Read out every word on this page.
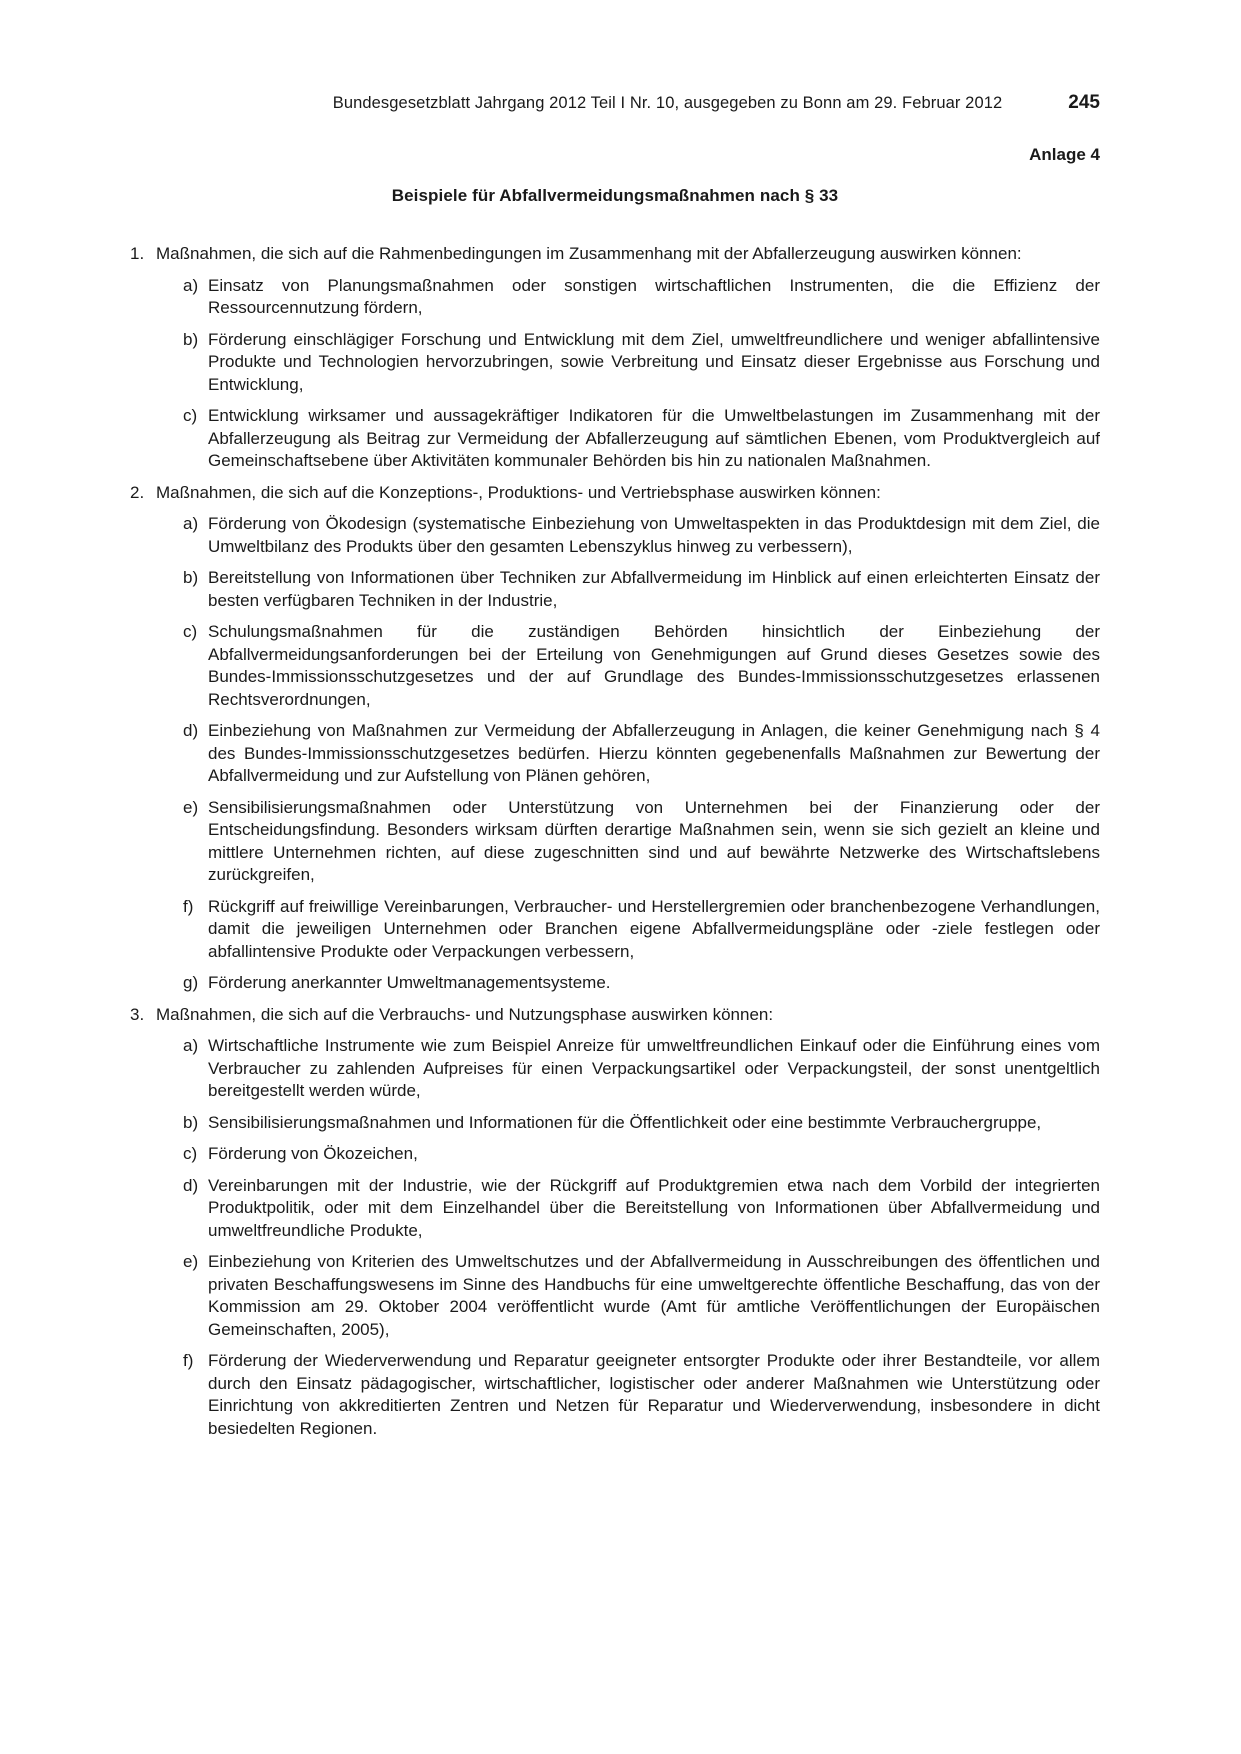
Bundesgesetzblatt Jahrgang 2012 Teil I Nr. 10, ausgegeben zu Bonn am 29. Februar 2012	245
Anlage 4
Beispiele für Abfallvermeidungsmaßnahmen nach § 33
1. Maßnahmen, die sich auf die Rahmenbedingungen im Zusammenhang mit der Abfallerzeugung auswirken können:
a) Einsatz von Planungsmaßnahmen oder sonstigen wirtschaftlichen Instrumenten, die die Effizienz der Ressourcennutzung fördern,
b) Förderung einschlägiger Forschung und Entwicklung mit dem Ziel, umweltfreundlichere und weniger abfallintensive Produkte und Technologien hervorzubringen, sowie Verbreitung und Einsatz dieser Ergebnisse aus Forschung und Entwicklung,
c) Entwicklung wirksamer und aussagekräftiger Indikatoren für die Umweltbelastungen im Zusammenhang mit der Abfallerzeugung als Beitrag zur Vermeidung der Abfallerzeugung auf sämtlichen Ebenen, vom Produktvergleich auf Gemeinschaftsebene über Aktivitäten kommunaler Behörden bis hin zu nationalen Maßnahmen.
2. Maßnahmen, die sich auf die Konzeptions-, Produktions- und Vertriebsphase auswirken können:
a) Förderung von Ökodesign (systematische Einbeziehung von Umweltaspekten in das Produktdesign mit dem Ziel, die Umweltbilanz des Produkts über den gesamten Lebenszyklus hinweg zu verbessern),
b) Bereitstellung von Informationen über Techniken zur Abfallvermeidung im Hinblick auf einen erleichterten Einsatz der besten verfügbaren Techniken in der Industrie,
c) Schulungsmaßnahmen für die zuständigen Behörden hinsichtlich der Einbeziehung der Abfallvermeidungsanforderungen bei der Erteilung von Genehmigungen auf Grund dieses Gesetzes sowie des Bundes-Immissionsschutzgesetzes und der auf Grundlage des Bundes-Immissionsschutzgesetzes erlassenen Rechtsverordnungen,
d) Einbeziehung von Maßnahmen zur Vermeidung der Abfallerzeugung in Anlagen, die keiner Genehmigung nach § 4 des Bundes-Immissionsschutzgesetzes bedürfen. Hierzu könnten gegebenenfalls Maßnahmen zur Bewertung der Abfallvermeidung und zur Aufstellung von Plänen gehören,
e) Sensibilisierungsmaßnahmen oder Unterstützung von Unternehmen bei der Finanzierung oder der Entscheidungsfindung. Besonders wirksam dürften derartige Maßnahmen sein, wenn sie sich gezielt an kleine und mittlere Unternehmen richten, auf diese zugeschnitten sind und auf bewährte Netzwerke des Wirtschaftslebens zurückgreifen,
f) Rückgriff auf freiwillige Vereinbarungen, Verbraucher- und Herstellergremien oder branchenbezogene Verhandlungen, damit die jeweiligen Unternehmen oder Branchen eigene Abfallvermeidungspläne oder -ziele festlegen oder abfallintensive Produkte oder Verpackungen verbessern,
g) Förderung anerkannter Umweltmanagementsysteme.
3. Maßnahmen, die sich auf die Verbrauchs- und Nutzungsphase auswirken können:
a) Wirtschaftliche Instrumente wie zum Beispiel Anreize für umweltfreundlichen Einkauf oder die Einführung eines vom Verbraucher zu zahlenden Aufpreises für einen Verpackungsartikel oder Verpackungsteil, der sonst unentgeltlich bereitgestellt werden würde,
b) Sensibilisierungsmaßnahmen und Informationen für die Öffentlichkeit oder eine bestimmte Verbrauchergruppe,
c) Förderung von Ökozeichen,
d) Vereinbarungen mit der Industrie, wie der Rückgriff auf Produktgremien etwa nach dem Vorbild der integrierten Produktpolitik, oder mit dem Einzelhandel über die Bereitstellung von Informationen über Abfallvermeidung und umweltfreundliche Produkte,
e) Einbeziehung von Kriterien des Umweltschutzes und der Abfallvermeidung in Ausschreibungen des öffentlichen und privaten Beschaffungswesens im Sinne des Handbuchs für eine umweltgerechte öffentliche Beschaffung, das von der Kommission am 29. Oktober 2004 veröffentlicht wurde (Amt für amtliche Veröffentlichungen der Europäischen Gemeinschaften, 2005),
f) Förderung der Wiederverwendung und Reparatur geeigneter entsorgter Produkte oder ihrer Bestandteile, vor allem durch den Einsatz pädagogischer, wirtschaftlicher, logistischer oder anderer Maßnahmen wie Unterstützung oder Einrichtung von akkreditierten Zentren und Netzen für Reparatur und Wiederverwendung, insbesondere in dicht besiedelten Regionen.
